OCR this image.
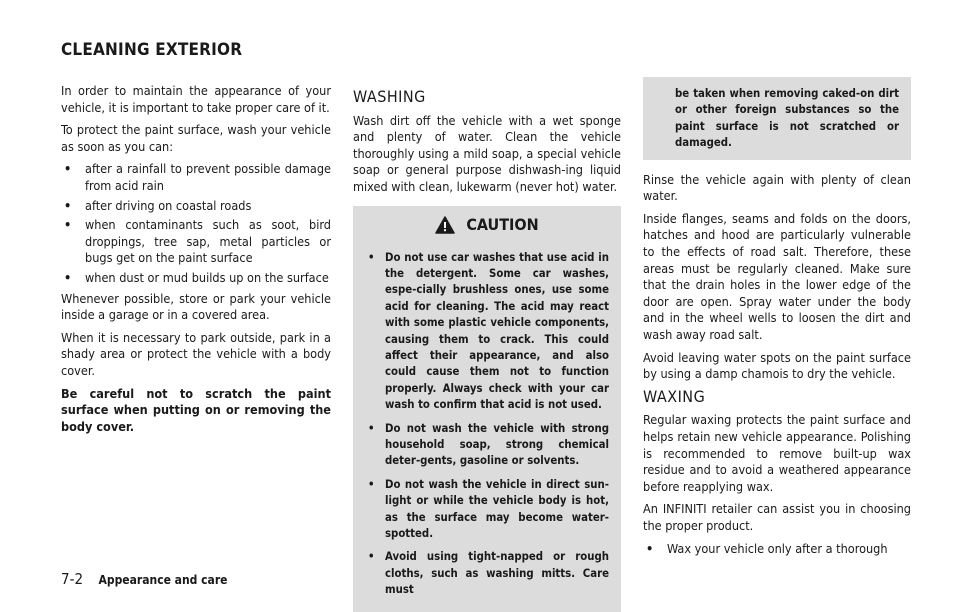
CLEANING EXTERIOR

In order to maintain the appearance of your vehicle, it is important to take proper care of it.

To protect the paint surface, wash your vehicle as soon as you can:

• after a rainfall to prevent possible damage from acid rain
• after driving on coastal roads
• when contaminants such as soot, bird droppings, tree sap, metal particles or bugs get on the paint surface
• when dust or mud builds up on the surface

Whenever possible, store or park your vehicle inside a garage or in a covered area.

When it is necessary to park outside, park in a shady area or protect the vehicle with a body cover.

Be careful not to scratch the paint surface when putting on or removing the body cover.

WASHING

Wash dirt off the vehicle with a wet sponge and plenty of water. Clean the vehicle thoroughly using a mild soap, a special vehicle soap or general purpose dishwash-ing liquid mixed with clean, lukewarm (never hot) water.

CAUTION
• Do not use car washes that use acid in the detergent. Some car washes, espe-cially brushless ones, use some acid for cleaning. The acid may react with some plastic vehicle components, causing them to crack. This could affect their appearance, and also could cause them not to function properly. Always check with your car wash to confirm that acid is not used.
• Do not wash the vehicle with strong household soap, strong chemical deter-gents, gasoline or solvents.
• Do not wash the vehicle in direct sun-light or while the vehicle body is hot, as the surface may become water-spotted.
• Avoid using tight-napped or rough cloths, such as washing mitts. Care must
be taken when removing caked-on dirt or other foreign substances so the paint surface is not scratched or damaged.

Rinse the vehicle again with plenty of clean water.

Inside flanges, seams and folds on the doors, hatches and hood are particularly vulnerable to the effects of road salt. Therefore, these areas must be regularly cleaned. Make sure that the drain holes in the lower edge of the door are open. Spray water under the body and in the wheel wells to loosen the dirt and wash away road salt.

Avoid leaving water spots on the paint surface by using a damp chamois to dry the vehicle.

WAXING

Regular waxing protects the paint surface and helps retain new vehicle appearance. Polishing is recommended to remove built-up wax residue and to avoid a weathered appearance before reapplying wax.

An INFINITI retailer can assist you in choosing the proper product.

• Wax your vehicle only after a thorough
7-2 Appearance and care
